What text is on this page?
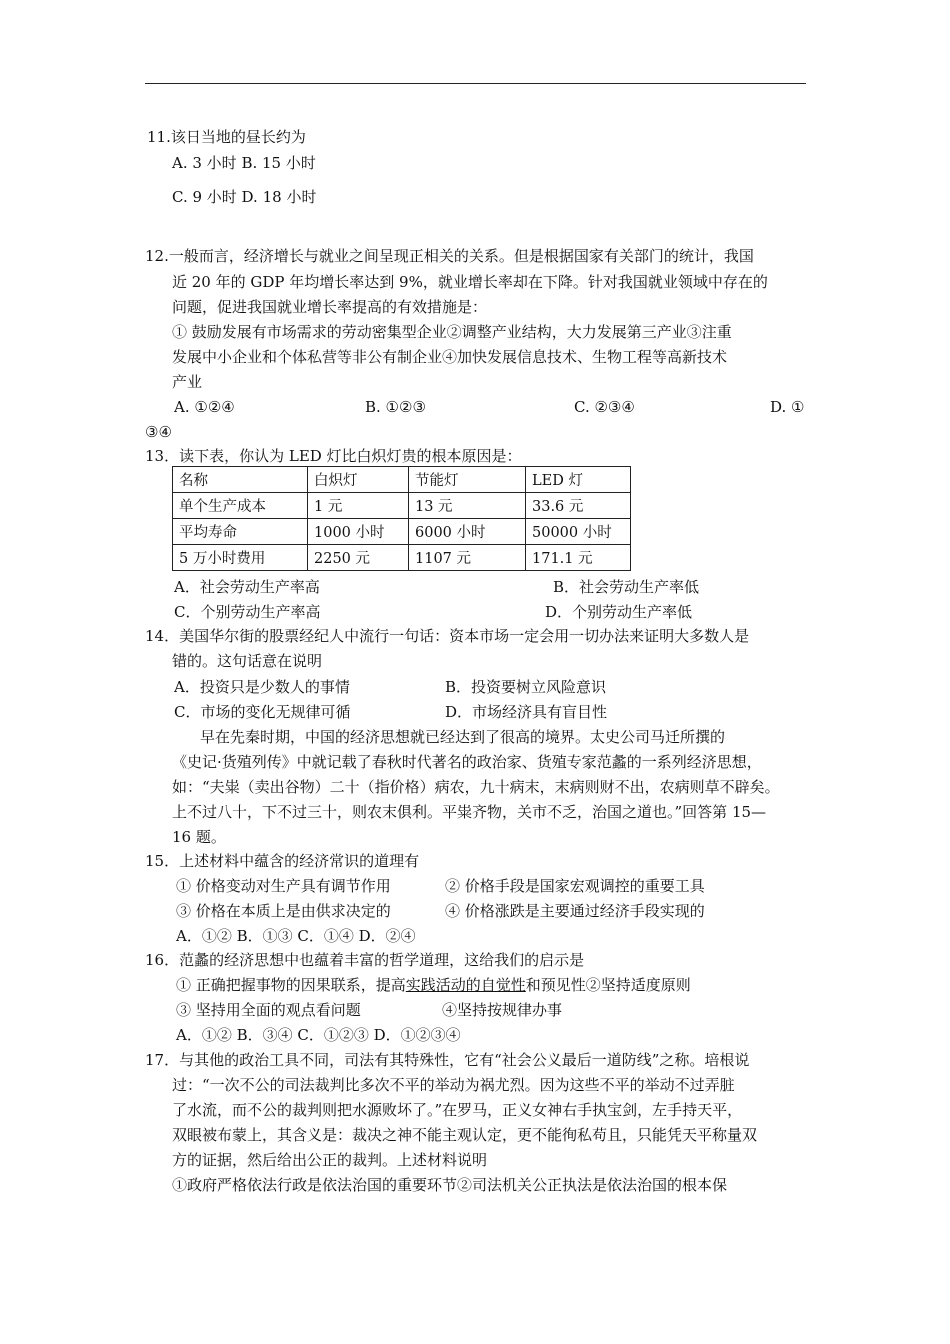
11.该日当地的昼长约为
A. 3 小时 B. 15 小时
C. 9 小时 D. 18 小时
12.一般而言，经济增长与就业之间呈现正相关的关系。但是根据国家有关部门的统计，我国
近 20 年的 GDP 年均增长率达到 9%，就业增长率却在下降。针对我国就业领域中存在的
问题，促进我国就业增长率提高的有效措施是：
① 鼓励发展有市场需求的劳动密集型企业②调整产业结构，大力发展第三产业③注重
发展中小企业和个体私营等非公有制企业④加快发展信息技术、生物工程等高新技术
产业
A. ①②④	B. ①②③	C. ②③④	D. ①
③④
13．读下表，你认为 LED 灯比白炽灯贵的根本原因是：
名称	白炽灯	节能灯	LED 灯
单个生产成本	1 元	13 元	33.6 元
平均寿命	1000 小时	6000 小时	50000 小时
5 万小时费用	2250 元	1107 元	171.1 元
A．社会劳动生产率高	B．社会劳动生产率低
C．个别劳动生产率高	D．个别劳动生产率低
14．美国华尔街的股票经纪人中流行一句话：资本市场一定会用一切办法来证明大多数人是
错的。这句话意在说明
A．投资只是少数人的事情	B．投资要树立风险意识
C．市场的变化无规律可循	D．市场经济具有盲目性
早在先秦时期，中国的经济思想就已经达到了很高的境界。太史公司马迁所撰的
《史记·货殖列传》中就记载了春秋时代著名的政治家、货殖专家范蠡的一系列经济思想，
如：“夫粜（卖出谷物）二十（指价格）病农，九十病末，末病则财不出，农病则草不辟矣。
上不过八十，下不过三十，则农末俱利。平粜齐物，关市不乏，治国之道也。”回答第 15—
16 题。
15．上述材料中蕴含的经济常识的道理有
① 价格变动对生产具有调节作用	② 价格手段是国家宏观调控的重要工具
③ 价格在本质上是由供求决定的	④ 价格涨跌是主要通过经济手段实现的
A．①② B．①③ C．①④ D．②④
16．范蠡的经济思想中也蕴着丰富的哲学道理，这给我们的启示是
① 正确把握事物的因果联系，提高实践活动的自觉性和预见性②坚持适度原则
③ 坚持用全面的观点看问题	④坚持按规律办事
A．①② B．③④ C．①②③ D．①②③④
17．与其他的政治工具不同，司法有其特殊性，它有“社会公义最后一道防线”之称。培根说
过：“一次不公的司法裁判比多次不平的举动为祸尤烈。因为这些不平的举动不过弄脏
了水流，而不公的裁判则把水源败坏了。”在罗马，正义女神右手执宝剑，左手持天平，
双眼被布蒙上，其含义是：裁决之神不能主观认定，更不能徇私苟且，只能凭天平称量双
方的证据，然后给出公正的裁判。上述材料说明
①政府严格依法行政是依法治国的重要环节②司法机关公正执法是依法治国的根本保
